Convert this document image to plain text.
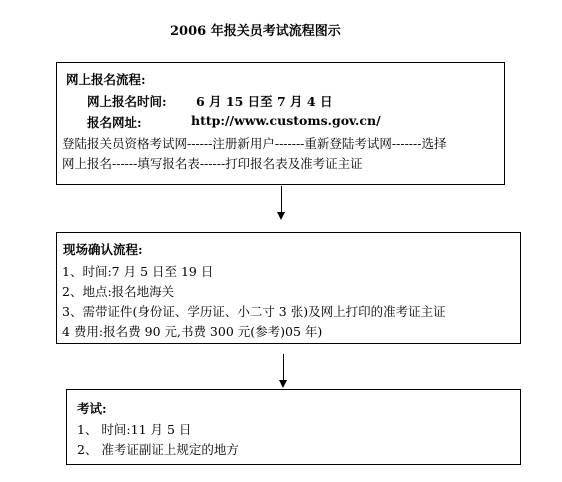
2006 年报关员考试流程图示
网上报名流程:
网上报名时间: 6 月 15 日至 7 月 4 日
报名网址:	http://www.customs.gov.cn/
登陆报关员资格考试网------注册新用户-------重新登陆考试网-------选择
网上报名------填写报名表------打印报名表及准考证主证
现场确认流程:
1、时间:7 月 5 日至 19 日
2、地点:报名地海关
3、需带证件(身份证、学历证、小二寸 3 张)及网上打印的准考证主证
4 费用:报名费 90 元,书费 300 元(参考)05 年)
考试:
1、 时间:11 月 5 日
2、 准考证副证上规定的地方
